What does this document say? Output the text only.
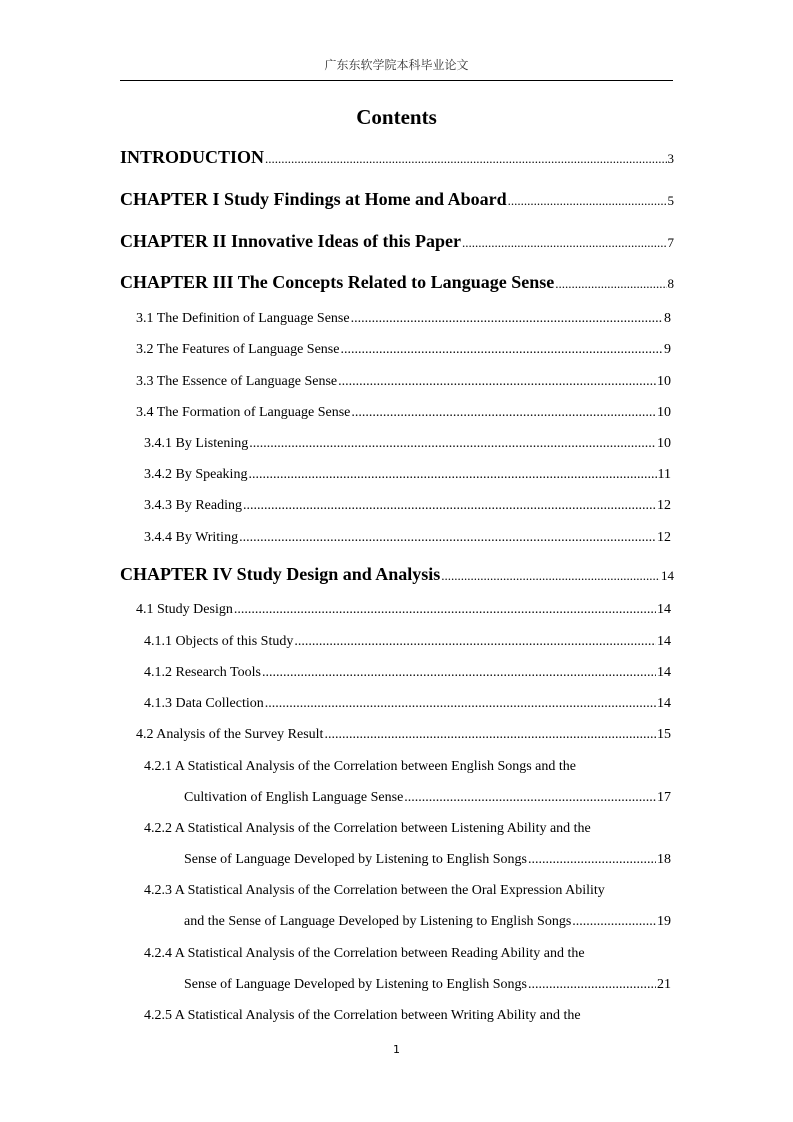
广东东软学院本科毕业论文
Contents
INTRODUCTION .....	3
CHAPTER I Study Findings at Home and Aboard .....	5
CHAPTER II Innovative Ideas of this Paper .....	7
CHAPTER III The Concepts Related to Language Sense .....	8
3.1 The Definition of Language Sense .....	8
3.2 The Features of Language Sense .....	9
3.3 The Essence of Language Sense .....	10
3.4 The Formation of Language Sense .....	10
3.4.1 By Listening .....	10
3.4.2 By Speaking .....	11
3.4.3 By Reading .....	12
3.4.4 By Writing .....	12
CHAPTER IV Study Design and Analysis .....	14
4.1 Study Design .....	14
4.1.1 Objects of this Study .....	14
4.1.2 Research Tools .....	14
4.1.3 Data Collection .....	14
4.2 Analysis of the Survey Result .....	15
4.2.1 A Statistical Analysis of the Correlation between English Songs and the
Cultivation of English Language Sense .....	17
4.2.2 A Statistical Analysis of the Correlation between Listening Ability and the
Sense of Language Developed by Listening to English Songs .....	18
4.2.3 A Statistical Analysis of the Correlation between the Oral Expression Ability
and the Sense of Language Developed by Listening to English Songs .....	19
4.2.4 A Statistical Analysis of the Correlation between Reading Ability and the
Sense of Language Developed by Listening to English Songs .....	21
4.2.5 A Statistical Analysis of the Correlation between Writing Ability and the
1
